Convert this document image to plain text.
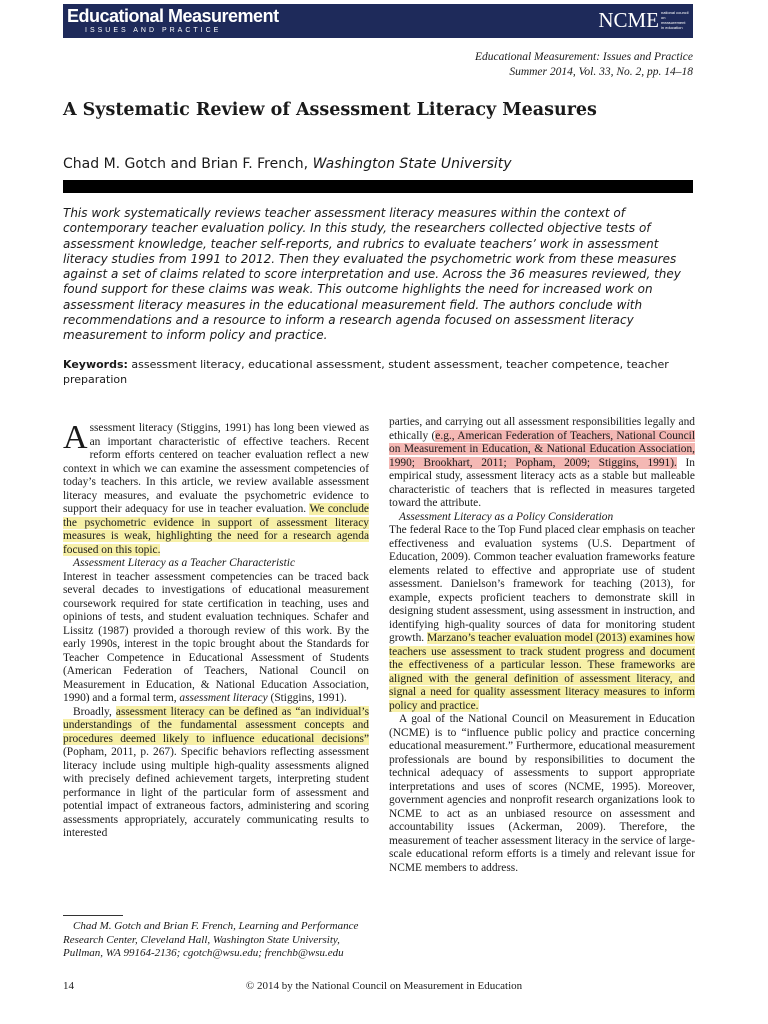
Educational Measurement
ISSUES AND PRACTICE	NCME national council on measurement in education
Educational Measurement: Issues and Practice
Summer 2014, Vol. 33, No. 2, pp. 14–18
A Systematic Review of Assessment Literacy Measures
Chad M. Gotch and Brian F. French, Washington State University

This work systematically reviews teacher assessment literacy measures within the context of contemporary teacher evaluation policy. In this study, the researchers collected objective tests of assessment knowledge, teacher self-reports, and rubrics to evaluate teachers’ work in assessment literacy studies from 1991 to 2012. Then they evaluated the psychometric work from these measures against a set of claims related to score interpretation and use. Across the 36 measures reviewed, they found support for these claims was weak. This outcome highlights the need for increased work on assessment literacy measures in the educational measurement field. The authors conclude with recommendations and a resource to inform a research agenda focused on assessment literacy measurement to inform policy and practice.

Keywords: assessment literacy, educational assessment, student assessment, teacher competence, teacher preparation

Assessment literacy (Stiggins, 1991) has long been viewed as an important characteristic of effective teachers. Recent reform efforts centered on teacher evaluation reflect a new context in which we can examine the assessment competencies of today’s teachers. In this article, we review available assessment literacy measures, and evaluate the psychometric evidence to support their adequacy for use in teacher evaluation. We conclude the psychometric evidence in support of assessment literacy measures is weak, highlighting the need for a research agenda focused on this topic.

Assessment Literacy as a Teacher Characteristic

Interest in teacher assessment competencies can be traced back several decades to investigations of educational measurement coursework required for state certification in teaching, uses and opinions of tests, and student evaluation techniques. Schafer and Lissitz (1987) provided a thorough review of this work. By the early 1990s, interest in the topic brought about the Standards for Teacher Competence in Educational Assessment of Students (American Federation of Teachers, National Council on Measurement in Education, & National Education Association, 1990) and a formal term, assessment literacy (Stiggins, 1991).

Broadly, assessment literacy can be defined as “an individual’s understandings of the fundamental assessment concepts and procedures deemed likely to influence educational decisions” (Popham, 2011, p. 267). Specific behaviors reflecting assessment literacy include using multiple high-quality assessments aligned with precisely defined achievement targets, interpreting student performance in light of the particular form of assessment and potential impact of extraneous factors, administering and scoring assessments appropriately, accurately communicating results to interested

Chad M. Gotch and Brian F. French, Learning and Performance Research Center, Cleveland Hall, Washington State University, Pullman, WA 99164-2136; cgotch@wsu.edu; frenchb@wsu.edu

parties, and carrying out all assessment responsibilities legally and ethically (e.g., American Federation of Teachers, National Council on Measurement in Education, & National Education Association, 1990; Brookhart, 2011; Popham, 2009; Stiggins, 1991). In empirical study, assessment literacy acts as a stable but malleable characteristic of teachers that is reflected in measures targeted toward the attribute.

Assessment Literacy as a Policy Consideration

The federal Race to the Top Fund placed clear emphasis on teacher effectiveness and evaluation systems (U.S. Department of Education, 2009). Common teacher evaluation frameworks feature elements related to effective and appropriate use of student assessment. Danielson’s framework for teaching (2013), for example, expects proficient teachers to demonstrate skill in designing student assessment, using assessment in instruction, and identifying high-quality sources of data for monitoring student growth. Marzano’s teacher evaluation model (2013) examines how teachers use assessment to track student progress and document the effectiveness of a particular lesson. These frameworks are aligned with the general definition of assessment literacy, and signal a need for quality assessment literacy measures to inform policy and practice.

A goal of the National Council on Measurement in Education (NCME) is to “influence public policy and practice concerning educational measurement.” Furthermore, educational measurement professionals are bound by responsibilities to document the technical adequacy of assessments to support appropriate interpretations and uses of scores (NCME, 1995). Moreover, government agencies and nonprofit research organizations look to NCME to act as an unbiased resource on assessment and accountability issues (Ackerman, 2009). Therefore, the measurement of teacher assessment literacy in the service of large-scale educational reform efforts is a timely and relevant issue for NCME members to address.

14	© 2014 by the National Council on Measurement in Education
